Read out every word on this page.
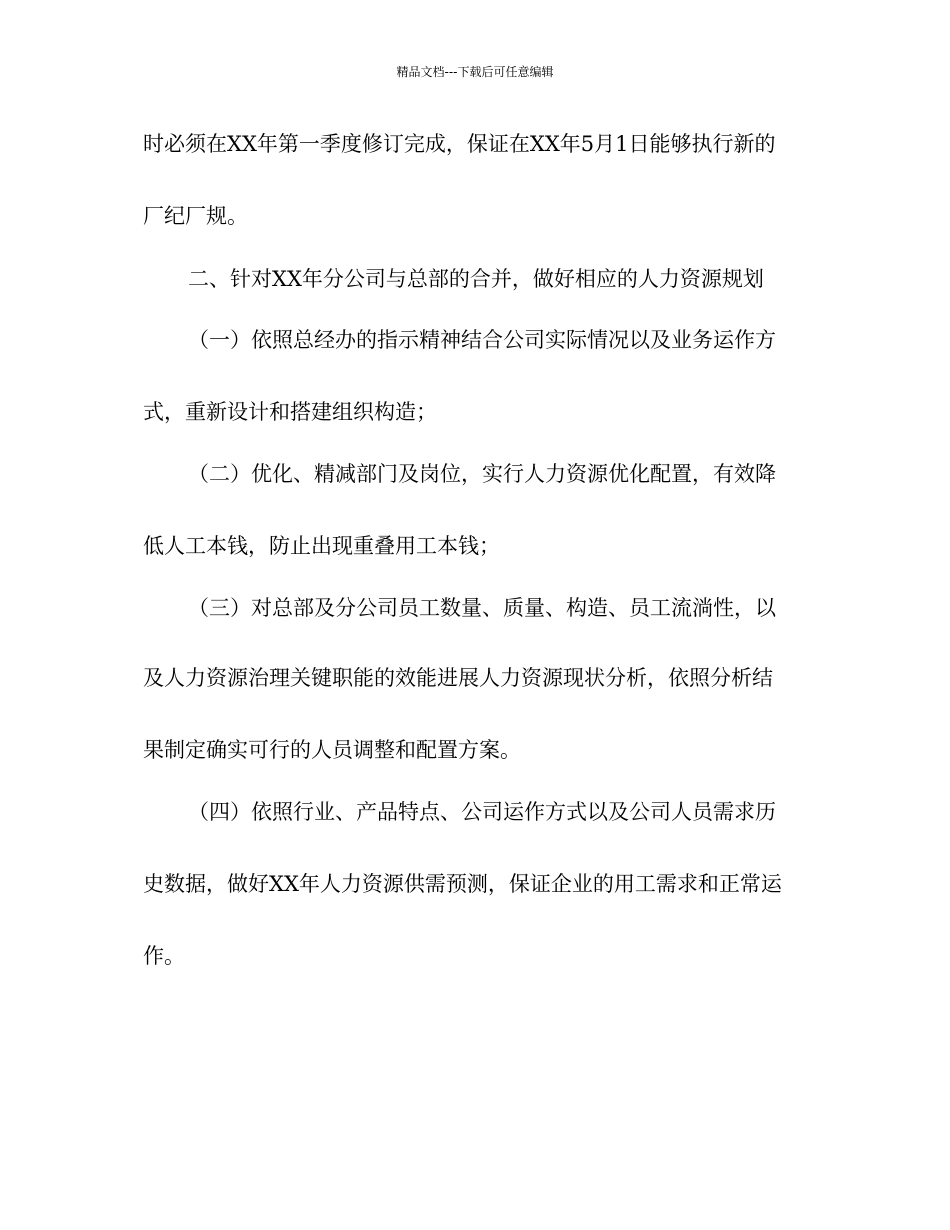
精品文档---下载后可任意编辑
时必须在XX年第一季度修订完成，保证在XX年5月1日能够执行新的
厂纪厂规。
二、针对XX年分公司与总部的合并，做好相应的人力资源规划
（一）依照总经办的指示精神结合公司实际情况以及业务运作方
式，重新设计和搭建组织构造；
（二）优化、精减部门及岗位，实行人力资源优化配置，有效降
低人工本钱，防止出现重叠用工本钱；
（三）对总部及分公司员工数量、质量、构造、员工流淌性，以
及人力资源治理关键职能的效能进展人力资源现状分析，依照分析结
果制定确实可行的人员调整和配置方案。
（四）依照行业、产品特点、公司运作方式以及公司人员需求历
史数据，做好XX年人力资源供需预测，保证企业的用工需求和正常运
作。
